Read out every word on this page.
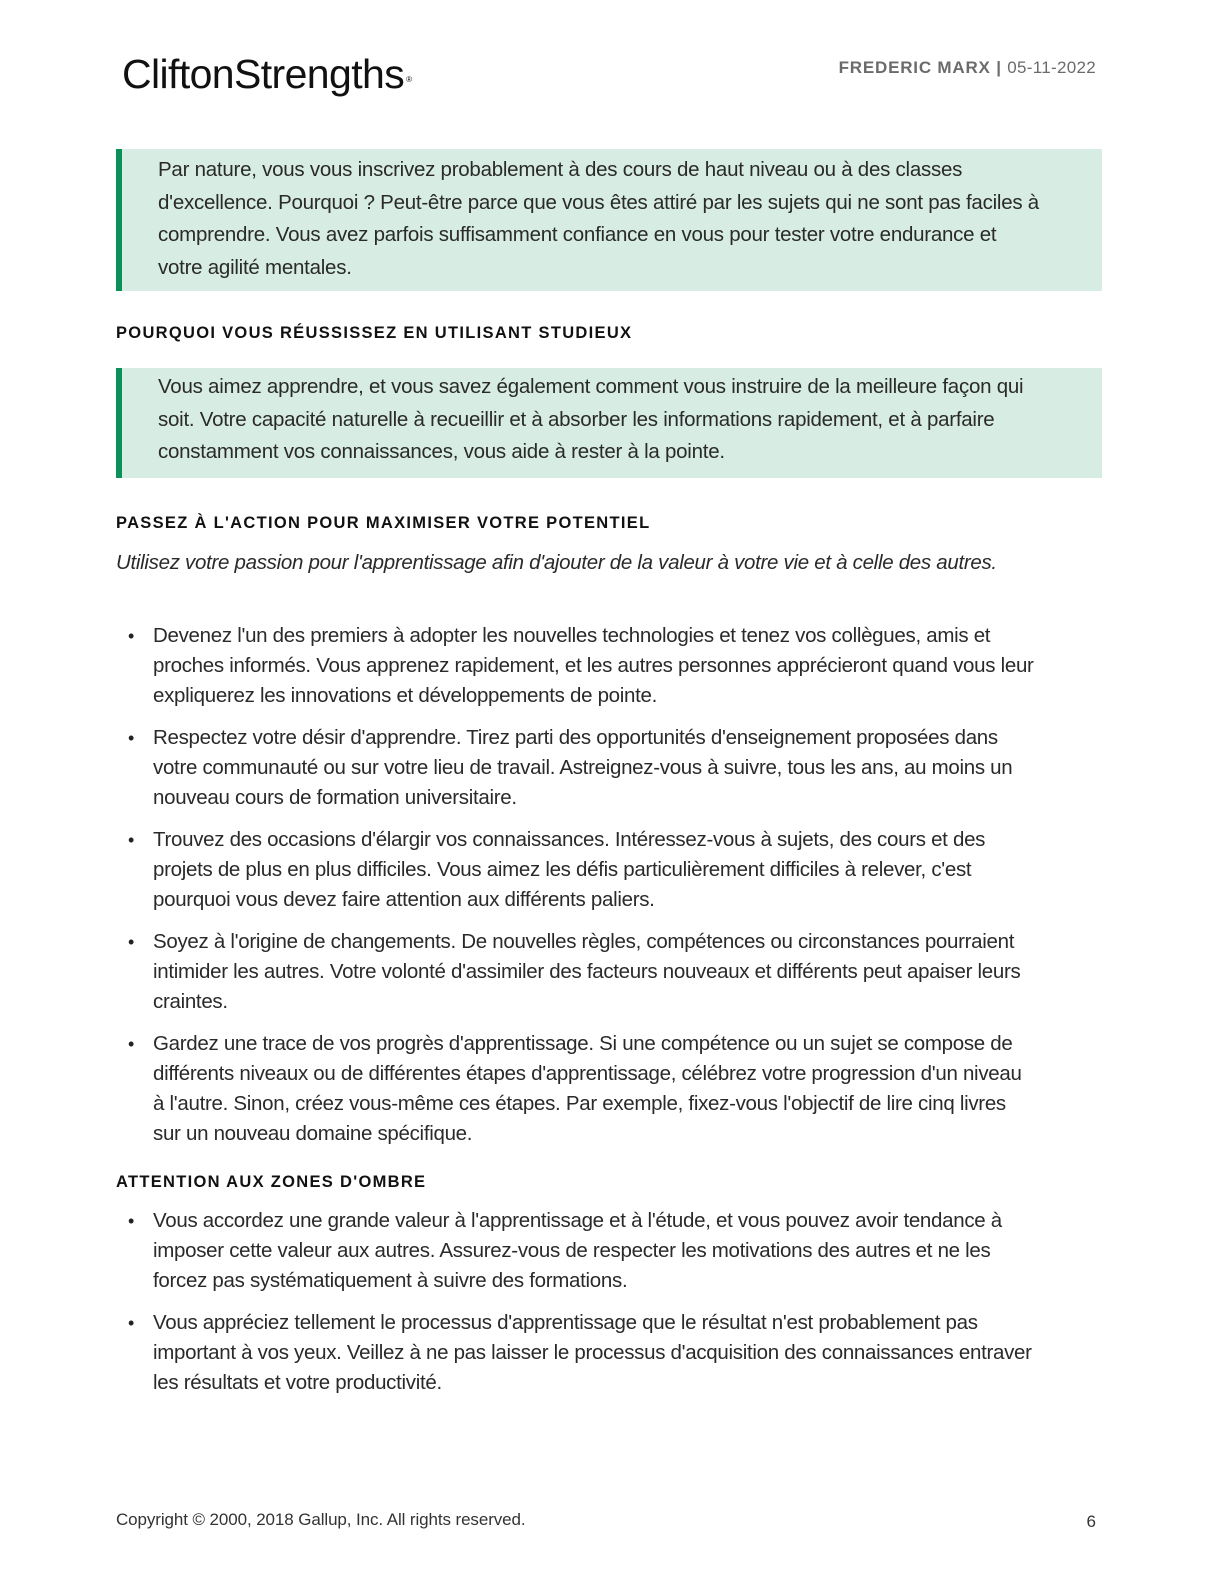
CliftonStrengths ®
FREDERIC MARX | 05-11-2022
Par nature, vous vous inscrivez probablement à des cours de haut niveau ou à des classes d'excellence. Pourquoi ? Peut-être parce que vous êtes attiré par les sujets qui ne sont pas faciles à comprendre. Vous avez parfois suffisamment confiance en vous pour tester votre endurance et votre agilité mentales.
POURQUOI VOUS RÉUSSISSEZ EN UTILISANT STUDIEUX
Vous aimez apprendre, et vous savez également comment vous instruire de la meilleure façon qui soit. Votre capacité naturelle à recueillir et à absorber les informations rapidement, et à parfaire constamment vos connaissances, vous aide à rester à la pointe.
PASSEZ À L'ACTION POUR MAXIMISER VOTRE POTENTIEL
Utilisez votre passion pour l'apprentissage afin d'ajouter de la valeur à votre vie et à celle des autres.
• Devenez l'un des premiers à adopter les nouvelles technologies et tenez vos collègues, amis et proches informés. Vous apprenez rapidement, et les autres personnes apprécieront quand vous leur expliquerez les innovations et développements de pointe.
• Respectez votre désir d'apprendre. Tirez parti des opportunités d'enseignement proposées dans votre communauté ou sur votre lieu de travail. Astreignez-vous à suivre, tous les ans, au moins un nouveau cours de formation universitaire.
• Trouvez des occasions d'élargir vos connaissances. Intéressez-vous à sujets, des cours et des projets de plus en plus difficiles. Vous aimez les défis particulièrement difficiles à relever, c'est pourquoi vous devez faire attention aux différents paliers.
• Soyez à l'origine de changements. De nouvelles règles, compétences ou circonstances pourraient intimider les autres. Votre volonté d'assimiler des facteurs nouveaux et différents peut apaiser leurs craintes.
• Gardez une trace de vos progrès d'apprentissage. Si une compétence ou un sujet se compose de différents niveaux ou de différentes étapes d'apprentissage, célébrez votre progression d'un niveau à l'autre. Sinon, créez vous-même ces étapes. Par exemple, fixez-vous l'objectif de lire cinq livres sur un nouveau domaine spécifique.
ATTENTION AUX ZONES D'OMBRE
• Vous accordez une grande valeur à l'apprentissage et à l'étude, et vous pouvez avoir tendance à imposer cette valeur aux autres. Assurez-vous de respecter les motivations des autres et ne les forcez pas systématiquement à suivre des formations.
• Vous appréciez tellement le processus d'apprentissage que le résultat n'est probablement pas important à vos yeux. Veillez à ne pas laisser le processus d'acquisition des connaissances entraver les résultats et votre productivité.
Copyright © 2000, 2018 Gallup, Inc. All rights reserved.	6
